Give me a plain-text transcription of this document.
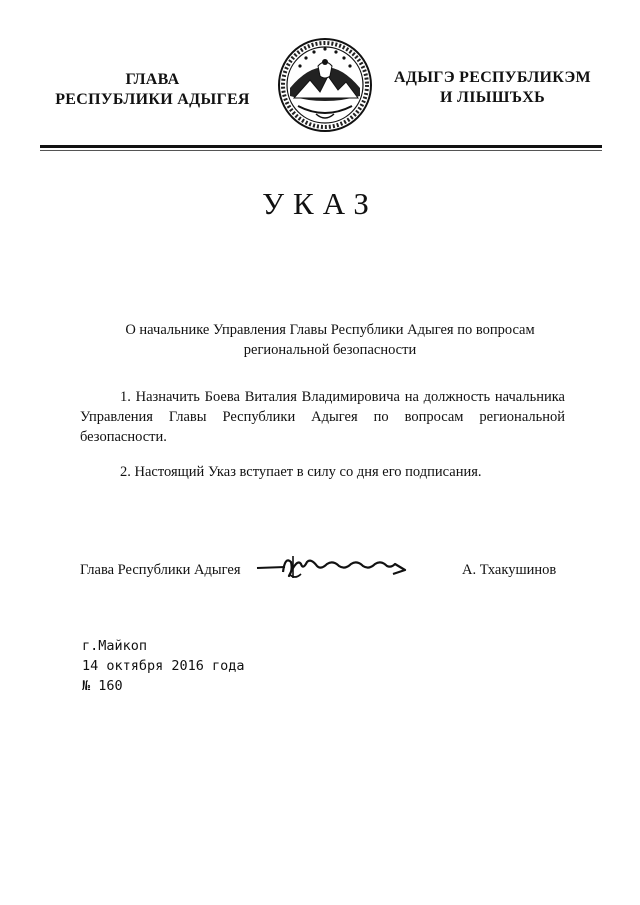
ГЛАВА
РЕСПУБЛИКИ АДЫГЕЯ
АДЫГЭ РЕСПУБЛИКЭМ
И ЛІЫШЪХЬ
УКАЗ
О начальнике Управления Главы Республики Адыгея по вопросам региональной безопасности
1. Назначить Боева Виталия Владимировича на должность начальника Управления Главы Республики Адыгея по вопросам региональной безопасности.
2. Настоящий Указ вступает в силу со дня его подписания.
Глава Республики Адыгея	А. Тхакушинов
г.Майкоп
14 октября 2016 года
№ 160
